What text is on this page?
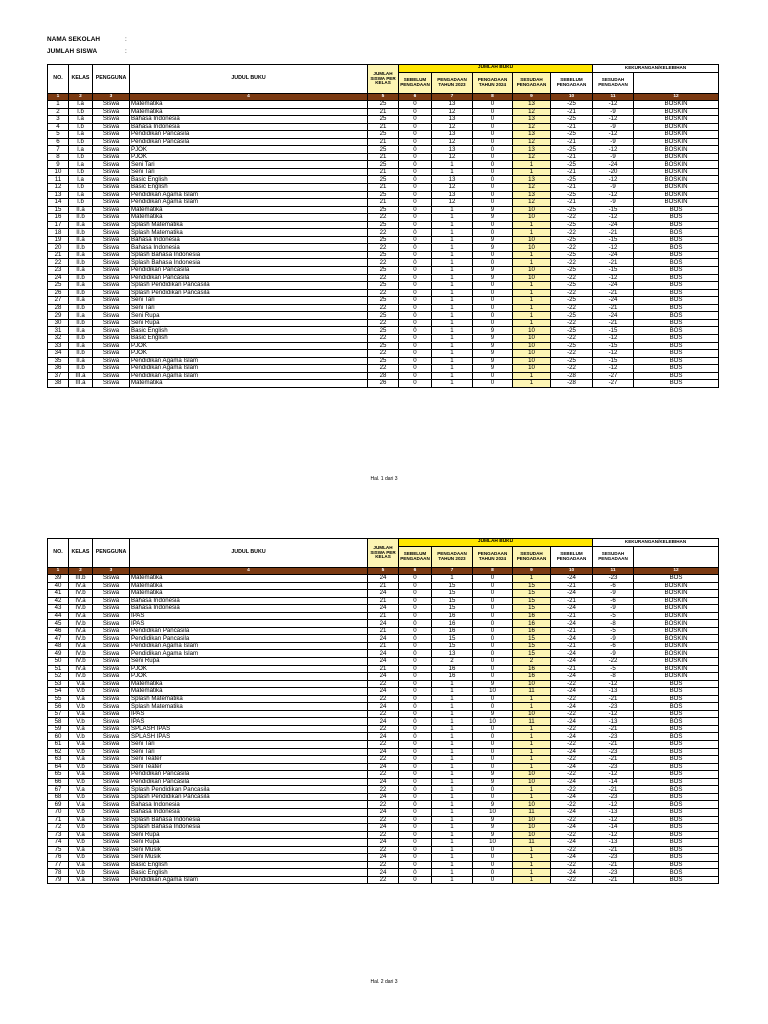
NAMA SEKOLAH	:
JUMLAH SISWA	:
NO.	KELAS	PENGGUNA	JUDUL BUKU	JUMLAH SISWA PER KELAS	JUMLAH BUKU					KEKURANGAN/KELEBIHAN	
					SEBELUM PENGADAAN	PENGADAAN TAHUN 2023	PENGADAAN TAHUN 2024	SESUDAH PENGADAAN	SEBELUM PENGADAAN	SESUDAH PENGADAAN		
1	2	3	4	5	6	7	8	9	10	11	12	
1	I.a	Siswa	Matematika	25	0	13	0	13	-25	-12	BOSKIN	
2	I.b	Siswa	Matematika	21	0	12	0	12	-21	-9	BOSKIN	
3	I.a	Siswa	Bahasa Indonesia	25	0	13	0	13	-25	-12	BOSKIN	
4	I.b	Siswa	Bahasa Indonesia	21	0	12	0	12	-21	-9	BOSKIN	
5	I.a	Siswa	Pendidikan Pancasila	25	0	13	0	13	-25	-12	BOSKIN	
6	I.b	Siswa	Pendidikan Pancasila	21	0	12	0	12	-21	-9	BOSKIN	
7	I.a	Siswa	PJOK	25	0	13	0	13	-25	-12	BOSKIN	
8	I.b	Siswa	PJOK	21	0	12	0	12	-21	-9	BOSKIN	
9	I.a	Siswa	Seni Tari	25	0	1	0	1	-25	-24	BOSKIN	
10	I.b	Siswa	Seni Tari	21	0	1	0	1	-21	-20	BOSKIN	
11	I.a	Siswa	Basic English	25	0	13	0	13	-25	-12	BOSKIN	
12	I.b	Siswa	Basic English	21	0	12	0	12	-21	-9	BOSKIN	
13	I.a	Siswa	Pendidikan Agama Islam	25	0	13	0	13	-25	-12	BOSKIN	
14	I.b	Siswa	Pendidikan Agama Islam	21	0	12	0	12	-21	-9	BOSKIN	
15	II.a	Siswa	Matematika	25	0	1	9	10	-25	-15	BOS	
16	II.b	Siswa	Matematika	22	0	1	9	10	-22	-12	BOS	
17	II.a	Siswa	Splash Matematika	25	0	1	0	1	-25	-24	BOS	
18	II.b	Siswa	Splash Matematika	22	0	1	0	1	-22	-21	BOS	
19	II.a	Siswa	Bahasa Indonesia	25	0	1	9	10	-25	-15	BOS	
20	II.b	Siswa	Bahasa Indonesia	22	0	1	9	10	-22	-12	BOS	
21	II.a	Siswa	Splash Bahasa Indonesia	25	0	1	0	1	-25	-24	BOS	
22	II.b	Siswa	Splash Bahasa Indonesia	22	0	1	0	1	-22	-21	BOS	
23	II.a	Siswa	Pendidikan Pancasila	25	0	1	9	10	-25	-15	BOS	
24	II.b	Siswa	Pendidikan Pancasila	22	0	1	9	10	-22	-12	BOS	
25	II.a	Siswa	Splash Pendidikan Pancasila	25	0	1	0	1	-25	-24	BOS	
26	II.b	Siswa	Splash Pendidikan Pancasila	22	0	1	0	1	-22	-21	BOS	
27	II.a	Siswa	Seni Tari	25	0	1	0	1	-25	-24	BOS	
28	II.b	Siswa	Seni Tari	22	0	1	0	1	-22	-21	BOS	
29	II.a	Siswa	Seni Rupa	25	0	1	0	1	-25	-24	BOS	
30	II.b	Siswa	Seni Rupa	22	0	1	0	1	-22	-21	BOS	
31	II.a	Siswa	Basic English	25	0	1	9	10	-25	-15	BOS	
32	II.b	Siswa	Basic English	22	0	1	9	10	-22	-12	BOS	
33	II.a	Siswa	PJOK	25	0	1	9	10	-25	-15	BOS	
34	II.b	Siswa	PJOK	22	0	1	9	10	-22	-12	BOS	
35	II.a	Siswa	Pendidikan Agama Islam	25	0	1	9	10	-25	-15	BOS	
36	II.b	Siswa	Pendidikan Agama Islam	22	0	1	9	10	-22	-12	BOS	
37	III.a	Siswa	Pendidikan Agama Islam	28	0	1	0	1	-28	-27	BOS	
38	III.a	Siswa	Matematika	26	0	1	0	1	-28	-27	BOS	
Hal. 1 dari 3
NO.	KELAS	PENGGUNA	JUDUL BUKU	JUMLAH SISWA PER KELAS	JUMLAH BUKU					KEKURANGAN/KELEBIHAN	
					SEBELUM PENGADAAN	PENGADAAN TAHUN 2023	PENGADAAN TAHUN 2024	SESUDAH PENGADAAN	SEBELUM PENGADAAN	SESUDAH PENGADAAN		
1	2	3	4	5	6	7	8	9	10	11	12	
39	III.b	Siswa	Matematika	24	0	1	0	1	-24	-23	BOS	
40	IV.a	Siswa	Matematika	21	0	15	0	15	-21	-6	BOSKIN	
41	IV.b	Siswa	Matematika	24	0	15	0	15	-24	-9	BOSKIN	
42	IV.a	Siswa	Bahasa Indonesia	21	0	15	0	15	-21	-6	BOSKIN	
43	IV.b	Siswa	Bahasa Indonesia	24	0	15	0	15	-24	-9	BOSKIN	
44	IV.a	Siswa	IPAS	21	0	16	0	16	-21	-5	BOSKIN	
45	IV.b	Siswa	IPAS	24	0	16	0	16	-24	-8	BOSKIN	
46	IV.a	Siswa	Pendidikan Pancasila	21	0	16	0	16	-21	-5	BOSKIN	
47	IV.b	Siswa	Pendidikan Pancasila	24	0	15	0	15	-24	-9	BOSKIN	
48	IV.a	Siswa	Pendidikan Agama Islam	21	0	15	0	15	-21	-6	BOSKIN	
49	IV.b	Siswa	Pendidikan Agama Islam	24	0	13	0	15	-24	-9	BOSKIN	
50	IV.b	Siswa	Seni Rupa	24	0	2	0	2	-24	-22	BOSKIN	
51	IV.a	Siswa	PJOK	21	0	16	0	16	-21	-5	BOSKIN	
52	IV.b	Siswa	PJOK	24	0	16	0	16	-24	-8	BOSKIN	
53	V.a	Siswa	Matematika	22	0	1	9	10	-22	-12	BOS	
54	V.b	Siswa	Matematika	24	0	1	10	11	-24	-13	BOS	
55	V.a	Siswa	Splash Matematika	22	0	1	0	1	-22	-21	BOS	
56	V.b	Siswa	Splash Matematika	24	0	1	0	1	-24	-23	BOS	
57	V.a	Siswa	IPAS	22	0	1	9	10	-22	-12	BOS	
58	V.b	Siswa	IPAS	24	0	1	10	11	-24	-13	BOS	
59	V.a	Siswa	SPLASH IPAS	22	0	1	0	1	-22	-21	BOS	
60	V.b	Siswa	SPLASH IPAS	24	0	1	0	1	-24	-23	BOS	
61	V.a	Siswa	Seni Tari	22	0	1	0	1	-22	-21	BOS	
62	V.b	Siswa	Seni Tari	24	0	1	0	1	-24	-23	BOS	
63	V.a	Siswa	Seni Teater	22	0	1	0	1	-22	-21	BOS	
64	V.b	Siswa	Seni Teater	24	0	1	0	1	-24	-23	BOS	
65	V.a	Siswa	Pendidikan Pancasila	22	0	1	9	10	-22	-12	BOS	
66	V.b	Siswa	Pendidikan Pancasila	24	0	1	9	10	-24	-14	BOS	
67	V.a	Siswa	Splash Pendidikan Pancasila	22	0	1	0	1	-22	-21	BOS	
68	V.b	Siswa	Splash Pendidikan Pancasila	24	0	1	0	1	-24	-23	BOS	
69	V.a	Siswa	Bahasa Indonesia	22	0	1	9	10	-22	-12	BOS	
70	V.b	Siswa	Bahasa Indonesia	24	0	1	10	11	-24	-13	BOS	
71	V.a	Siswa	Splash Bahasa Indonesia	22	0	1	9	10	-22	-12	BOS	
72	V.b	Siswa	Splash Bahasa Indonesia	24	0	1	9	10	-24	-14	BOS	
73	V.a	Siswa	Seni Rupa	22	0	1	9	10	-22	-12	BOS	
74	V.b	Siswa	Seni Rupa	24	0	1	10	11	-24	-13	BOS	
75	V.a	Siswa	Seni Musik	22	0	1	0	1	-22	-21	BOS	
76	V.b	Siswa	Seni Musik	24	0	1	0	1	-24	-23	BOS	
77	V.a	Siswa	Basic English	22	0	1	0	1	-22	-21	BOS	
78	V.b	Siswa	Basic English	24	0	1	0	1	-24	-23	BOS	
79	V.a	Siswa	Pendidikan Agama Islam	22	0	1	0	1	-22	-21	BOS	
Hal. 2 dari 3
